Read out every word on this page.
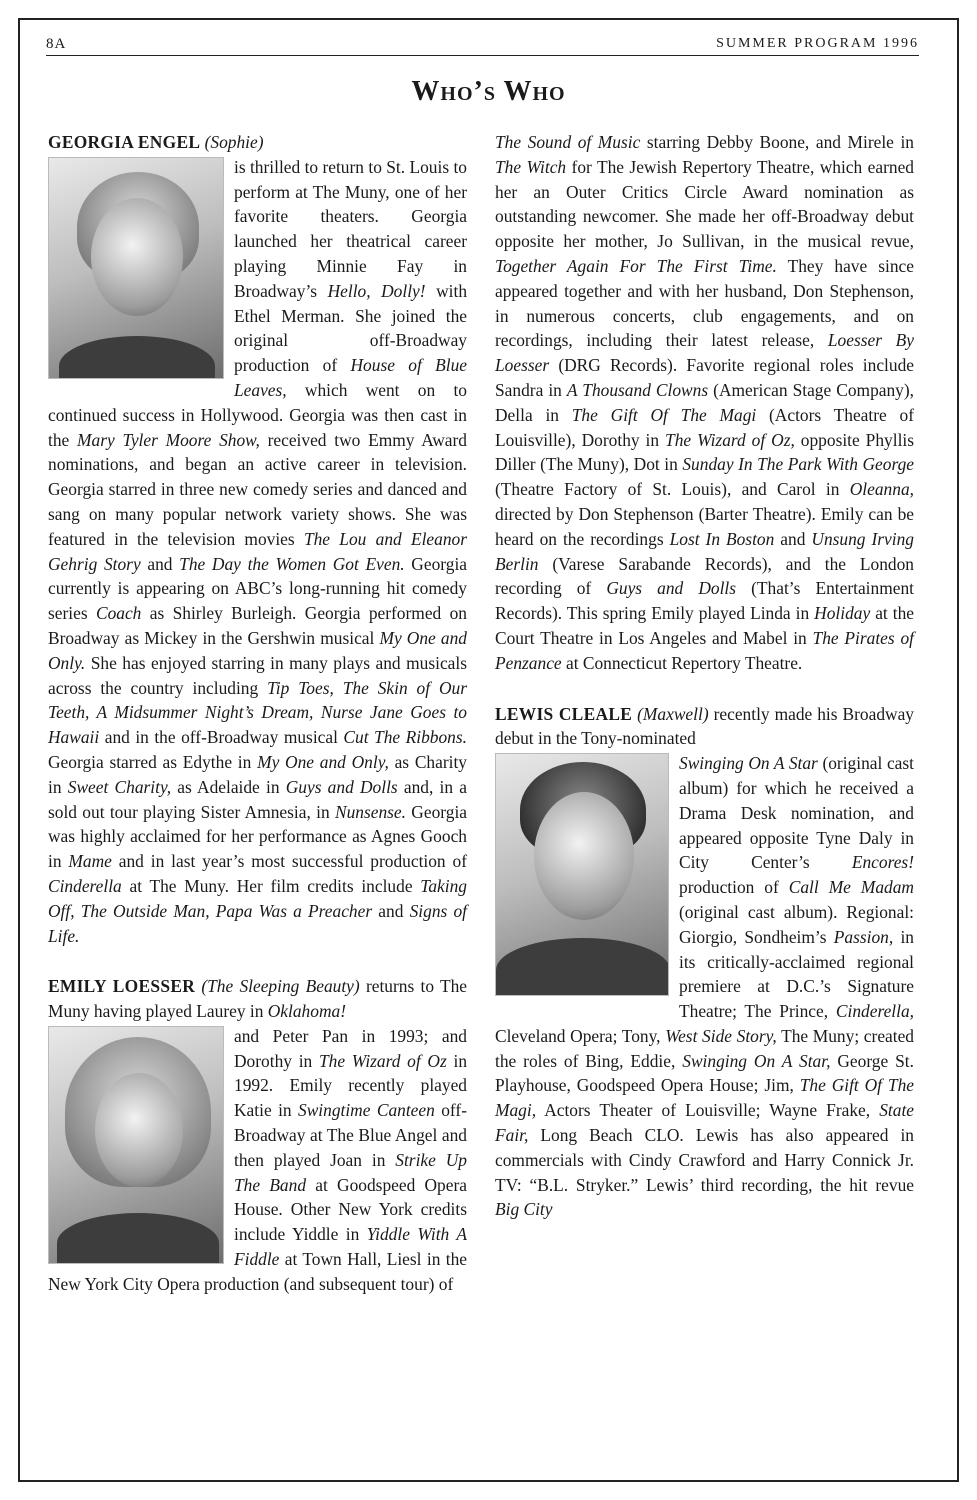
8A	SUMMER PROGRAM 1996
Who’s Who
GEORGIA ENGEL (Sophie)
is thrilled to return to St. Louis to perform at The Muny, one of her favorite theaters. Georgia launched her theatrical career playing Minnie Fay in Broadway’s Hello, Dolly! with Ethel Merman. She joined the original off-Broadway production of House of Blue Leaves, which went on to continued success in Hollywood. Georgia was then cast in the Mary Tyler Moore Show, received two Emmy Award nominations, and began an active career in television. Georgia starred in three new comedy series and danced and sang on many popular network variety shows. She was featured in the television movies The Lou and Eleanor Gehrig Story and The Day the Women Got Even. Georgia currently is appearing on ABC’s long-running hit comedy series Coach as Shirley Burleigh. Georgia performed on Broadway as Mickey in the Gershwin musical My One and Only. She has enjoyed starring in many plays and musicals across the country including Tip Toes, The Skin of Our Teeth, A Midsummer Night’s Dream, Nurse Jane Goes to Hawaii and in the off-Broadway musical Cut The Ribbons. Georgia starred as Edythe in My One and Only, as Charity in Sweet Charity, as Adelaide in Guys and Dolls and, in a sold out tour playing Sister Amnesia, in Nunsense. Georgia was highly acclaimed for her performance as Agnes Gooch in Mame and in last year’s most successful production of Cinderella at The Muny. Her film credits include Taking Off, The Outside Man, Papa Was a Preacher and Signs of Life.
EMILY LOESSER (The Sleeping Beauty) returns to The Muny having played Laurey in Oklahoma!
and Peter Pan in 1993; and Dorothy in The Wizard of Oz in 1992. Emily recently played Katie in Swingtime Canteen off-Broadway at The Blue Angel and then played Joan in Strike Up The Band at Goodspeed Opera House. Other New York credits include Yiddle in Yiddle With A Fiddle at Town Hall, Liesl in the New York City Opera production (and subsequent tour) of
The Sound of Music starring Debby Boone, and Mirele in The Witch for The Jewish Repertory Theatre, which earned her an Outer Critics Circle Award nomination as outstanding newcomer. She made her off-Broadway debut opposite her mother, Jo Sullivan, in the musical revue, Together Again For The First Time. They have since appeared together and with her husband, Don Stephenson, in numerous concerts, club engagements, and on recordings, including their latest release, Loesser By Loesser (DRG Records). Favorite regional roles include Sandra in A Thousand Clowns (American Stage Company), Della in The Gift Of The Magi (Actors Theatre of Louisville), Dorothy in The Wizard of Oz, opposite Phyllis Diller (The Muny), Dot in Sunday In The Park With George (Theatre Factory of St. Louis), and Carol in Oleanna, directed by Don Stephenson (Barter Theatre). Emily can be heard on the recordings Lost In Boston and Unsung Irving Berlin (Varese Sarabande Records), and the London recording of Guys and Dolls (That’s Entertainment Records). This spring Emily played Linda in Holiday at the Court Theatre in Los Angeles and Mabel in The Pirates of Penzance at Connecticut Repertory Theatre.
LEWIS CLEALE (Maxwell) recently made his Broadway debut in the Tony-nominated
Swinging On A Star (original cast album) for which he received a Drama Desk nomination, and appeared opposite Tyne Daly in City Center’s Encores! production of Call Me Madam (original cast album). Regional: Giorgio, Sondheim’s Passion, in its critically-acclaimed regional premiere at D.C.’s Signature Theatre; The Prince, Cinderella, Cleveland Opera; Tony, West Side Story, The Muny; created the roles of Bing, Eddie, Swinging On A Star, George St. Playhouse, Goodspeed Opera House; Jim, The Gift Of The Magi, Actors Theater of Louisville; Wayne Frake, State Fair, Long Beach CLO. Lewis has also appeared in commercials with Cindy Crawford and Harry Connick Jr. TV: “B.L. Stryker.” Lewis’ third recording, the hit revue Big City
